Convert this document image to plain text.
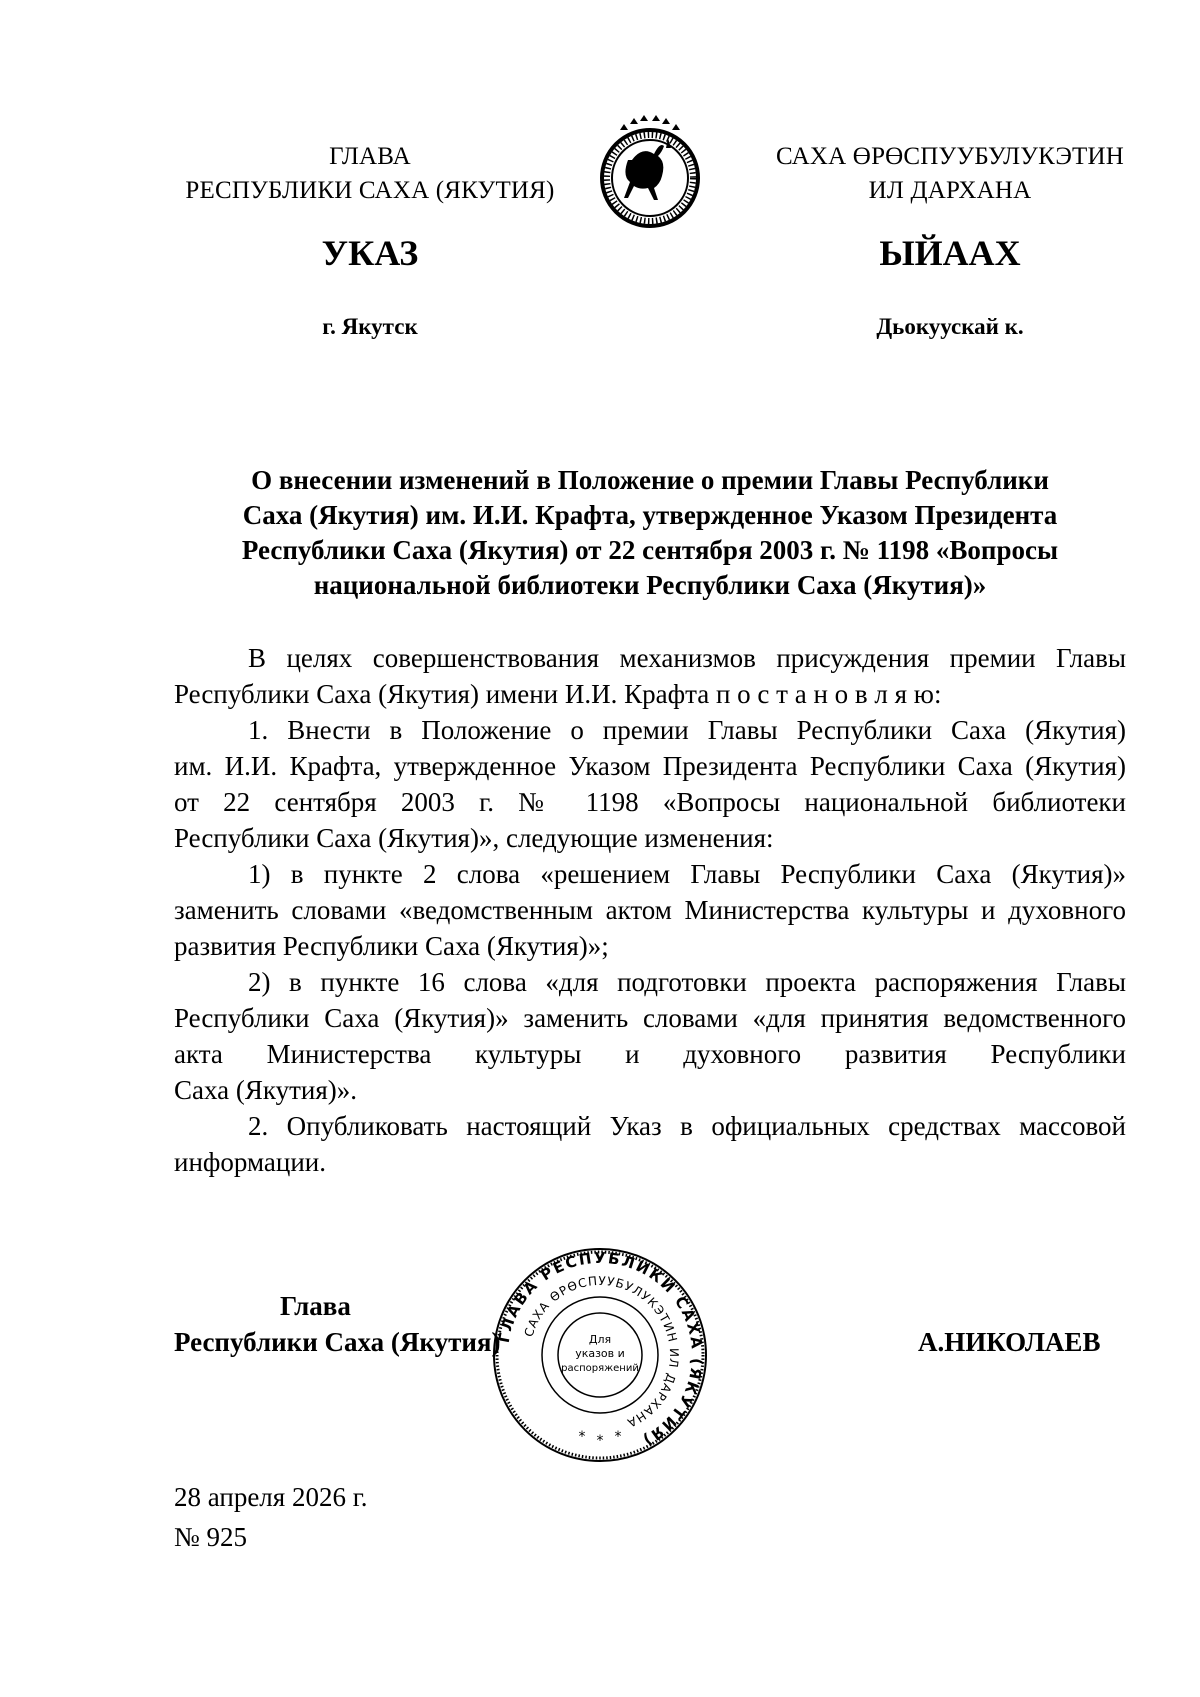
ГЛАВА
РЕСПУБЛИКИ САХА (ЯКУТИЯ)
САХА ӨРӨСПУУБУЛУКЭТИН
ИЛ ДАРХАНА
УКАЗ	ЫЙААХ
г. Якутск	Дьокуускай к.
О внесении изменений в Положение о премии Главы Республики
Саха (Якутия) им. И.И. Крафта, утвержденное Указом Президента
Республики Саха (Якутия) от 22 сентября 2003 г. № 1198 «Вопросы
национальной библиотеки Республики Саха (Якутия)»

В целях совершенствования механизмов присуждения премии Главы
Республики Саха (Якутия) имени И.И. Крафта п о с т а н о в л я ю:

1. Внести в Положение о премии Главы Республики Саха (Якутия)
им. И.И. Крафта, утвержденное Указом Президента Республики Саха (Якутия)
от 22 сентября 2003 г. № 1198 «Вопросы национальной библиотеки
Республики Саха (Якутия)», следующие изменения:

1) в пункте 2 слова «решением Главы Республики Саха (Якутия)»
заменить словами «ведомственным актом Министерства культуры и духовного
развития Республики Саха (Якутия)»;

2) в пункте 16 слова «для подготовки проекта распоряжения Главы
Республики Саха (Якутия)» заменить словами «для принятия ведомственного
акта Министерства культуры и духовного развития Республики
Саха (Якутия)».

2. Опубликовать настоящий Указ в официальных средствах массовой
информации.

Глава
Республики Саха (Якутия)
ГЛАВА РЕСПУБЛИКИ САХА (ЯКУТИЯ)
САХА ӨРӨСПУУБУЛУКЭТИН ИЛ ДАРХАНА
Для
указов и
распоряжений
* * *
А.НИКОЛАЕВ
28 апреля 2026 г.
№ 925
